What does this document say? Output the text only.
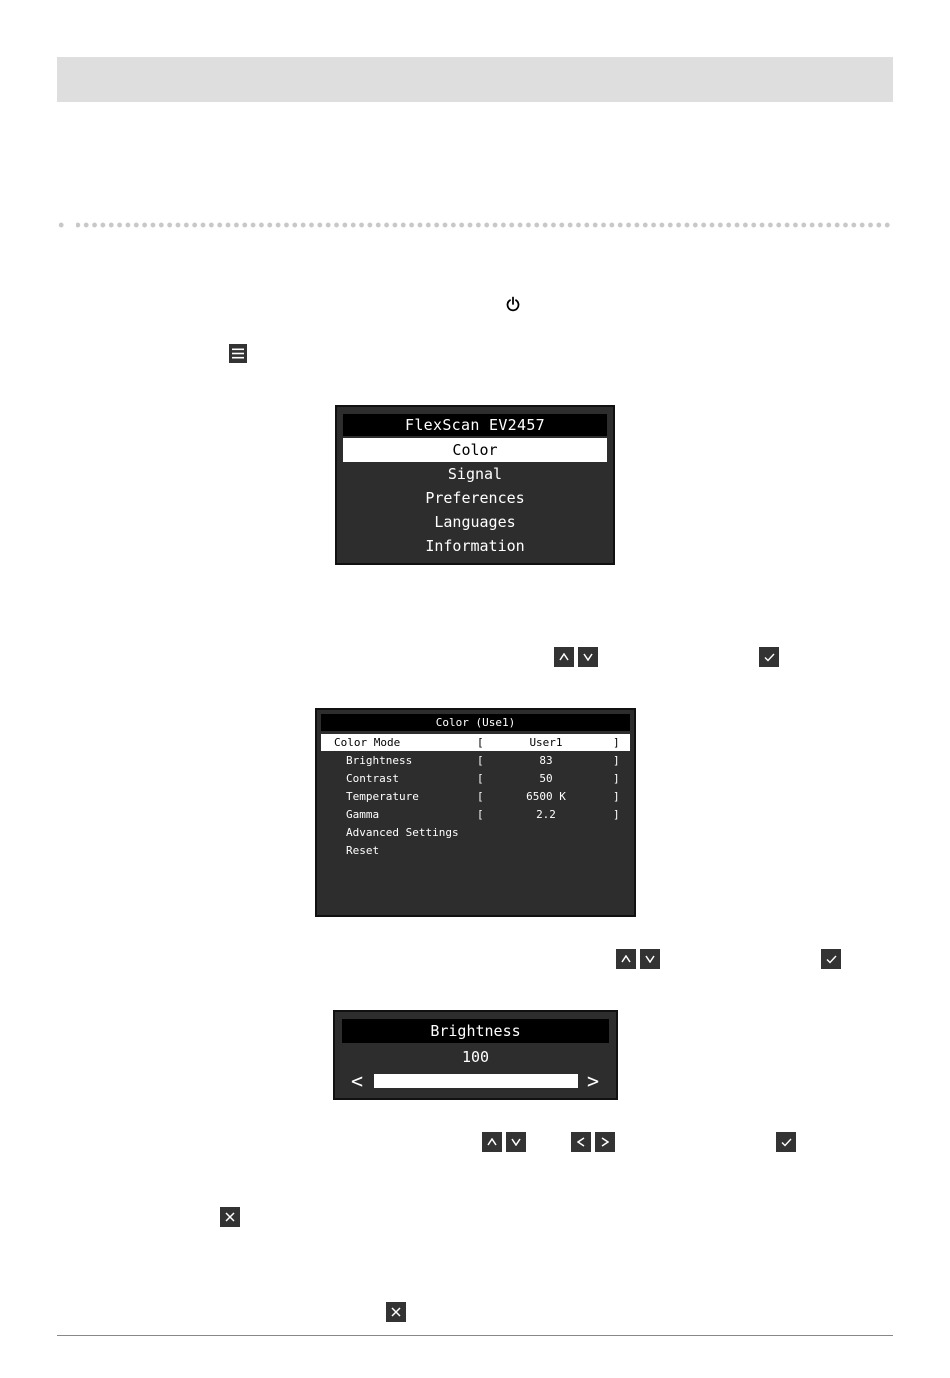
FlexScan EV2457
Color
Signal
Preferences
Languages
Information
Color (Use1)
Color Mode	[	User1	]
Brightness	[	83	]
Contrast	[	50	]
Temperature	[	6500 K	]
Gamma	[	2.2	]
Advanced Settings
Reset
Brightness
100
<	>
